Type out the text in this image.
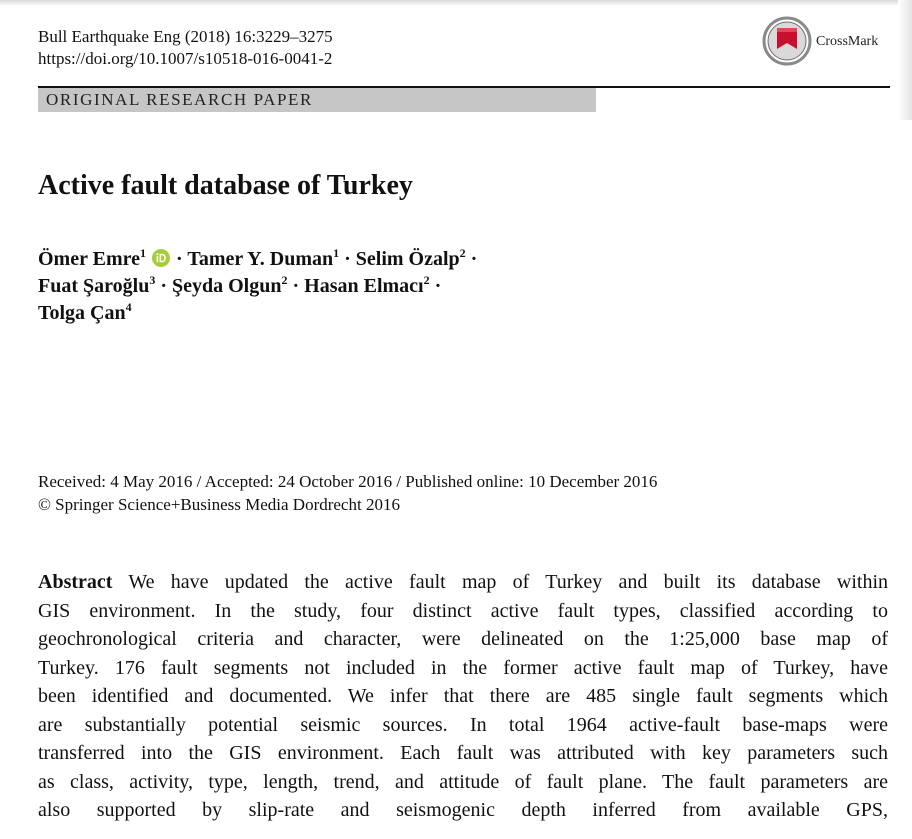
Bull Earthquake Eng (2018) 16:3229–3275
https://doi.org/10.1007/s10518-016-0041-2
CrossMark
ORIGINAL RESEARCH PAPER
Active fault database of Turkey
Ömer Emre$^1$  · Tamer Y. Duman$^1$ · Selim Özalp$^2$ ·
Fuat Şaroğlu$^3$ · Şeyda Olgun$^2$ · Hasan Elmacı$^2$ ·
Tolga Çan$^4$
Received: 4 May 2016 / Accepted: 24 October 2016 / Published online: 10 December 2016
© Springer Science+Business Media Dordrecht 2016
Abstract We have updated the active fault map of Turkey and built its database within
GIS environment. In the study, four distinct active fault types, classified according to
geochronological criteria and character, were delineated on the 1:25,000 base map of
Turkey. 176 fault segments not included in the former active fault map of Turkey, have
been identified and documented. We infer that there are 485 single fault segments which
are substantially potential seismic sources. In total 1964 active-fault base-maps were
transferred into the GIS environment. Each fault was attributed with key parameters such
as class, activity, type, length, trend, and attitude of fault plane. The fault parameters are
also supported by slip-rate and seismogenic depth inferred from available GPS,
